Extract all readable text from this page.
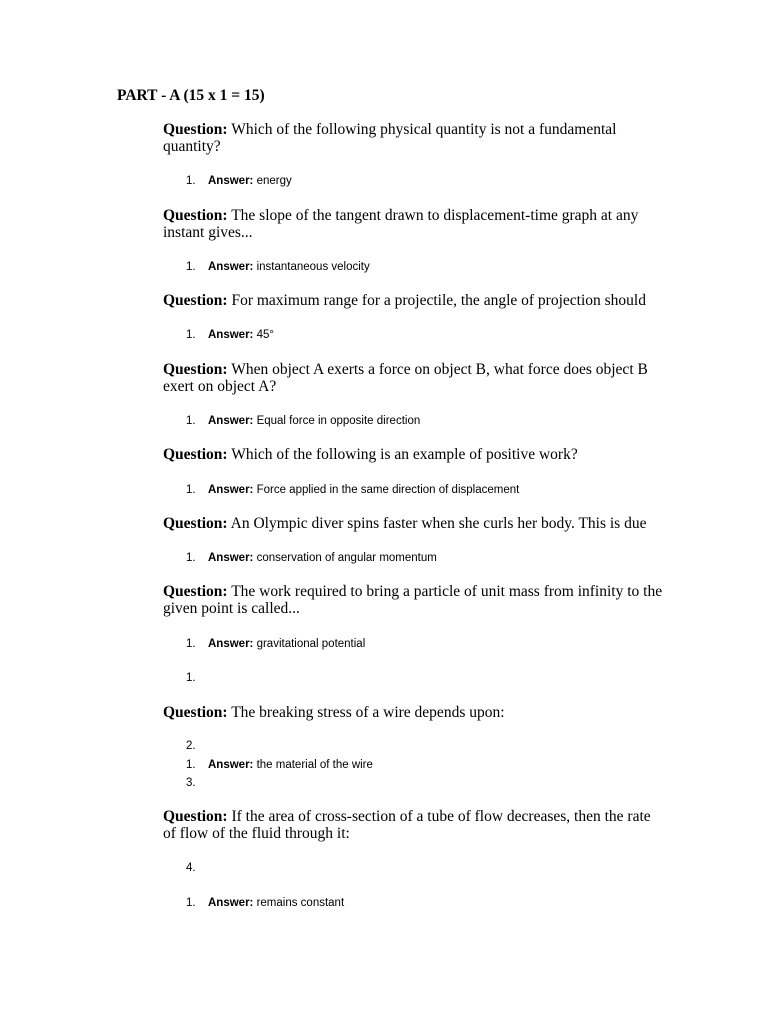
PART - A (15 x 1 = 15)
Question: Which of the following physical quantity is not a fundamental quantity?
1. Answer: energy
Question: The slope of the tangent drawn to displacement-time graph at any instant gives...
1. Answer: instantaneous velocity
Question: For maximum range for a projectile, the angle of projection should
1. Answer: 45°
Question: When object A exerts a force on object B, what force does object B exert on object A?
1. Answer: Equal force in opposite direction
Question: Which of the following is an example of positive work?
1. Answer: Force applied in the same direction of displacement
Question: An Olympic diver spins faster when she curls her body. This is due
1. Answer: conservation of angular momentum
Question: The work required to bring a particle of unit mass from infinity to the given point is called...
1. Answer: gravitational potential
1.
Question: The breaking stress of a wire depends upon:
2.
1. Answer: the material of the wire
3.
Question: If the area of cross-section of a tube of flow decreases, then the rate of flow of the fluid through it:
4.
1. Answer: remains constant
